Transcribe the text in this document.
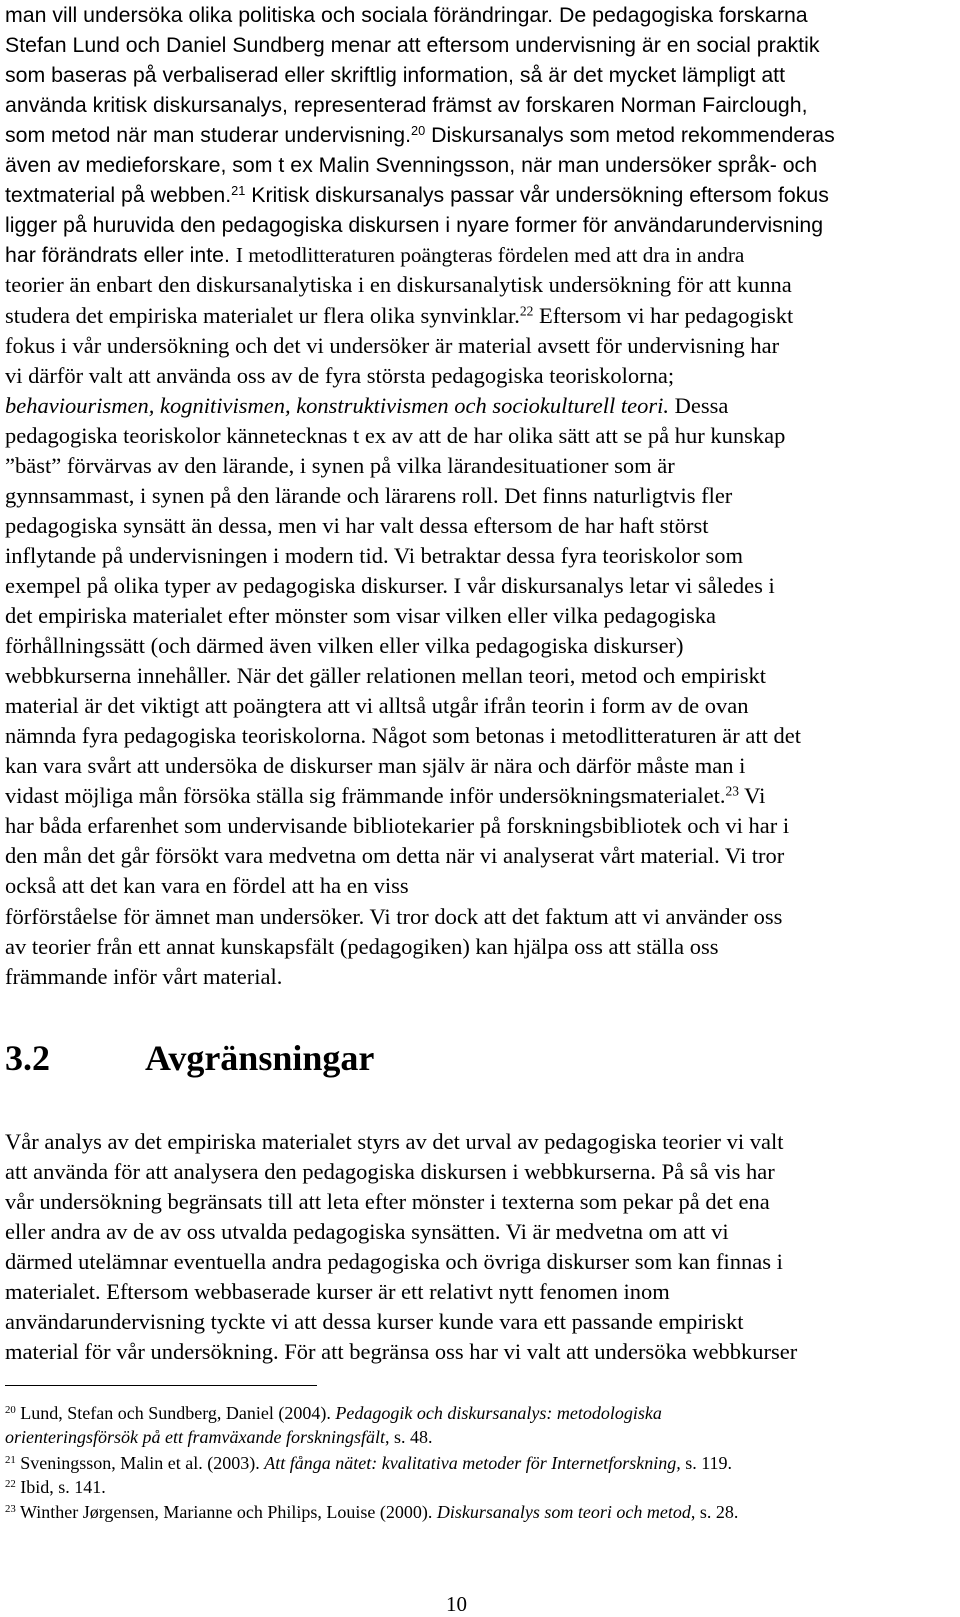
man vill undersöka olika politiska och sociala förändringar. De pedagogiska forskarna
Stefan Lund och Daniel Sundberg menar att eftersom undervisning är en social praktik
som baseras på verbaliserad eller skriftlig information, så är det mycket lämpligt att
använda kritisk diskursanalys, representerad främst av forskaren Norman Fairclough,
som metod när man studerar undervisning.$^{20}$ Diskursanalys som metod rekommenderas
även av medieforskare, som t ex Malin Svenningsson, när man undersöker språk- och
textmaterial på webben.$^{21}$ Kritisk diskursanalys passar vår undersökning eftersom fokus
ligger på huruvida den pedagogiska diskursen i nyare former för användarundervisning
har förändrats eller inte. I metodlitteraturen poängteras fördelen med att dra in andra
teorier än enbart den diskursanalytiska i en diskursanalytisk undersökning för att kunna
studera det empiriska materialet ur flera olika synvinklar.$^{22}$ Eftersom vi har pedagogiskt
fokus i vår undersökning och det vi undersöker är material avsett för undervisning har
vi därför valt att använda oss av de fyra största pedagogiska teoriskolorna;
behaviourismen, kognitivismen, konstruktivismen och sociokulturell teori. Dessa
pedagogiska teoriskolor kännetecknas t ex av att de har olika sätt att se på hur kunskap
”bäst” förvärvas av den lärande, i synen på vilka lärandesituationer som är
gynnsammast, i synen på den lärande och lärarens roll. Det finns naturligtvis fler
pedagogiska synsätt än dessa, men vi har valt dessa eftersom de har haft störst
inflytande på undervisningen i modern tid. Vi betraktar dessa fyra teoriskolor som
exempel på olika typer av pedagogiska diskurser. I vår diskursanalys letar vi således i
det empiriska materialet efter mönster som visar vilken eller vilka pedagogiska
förhållningssätt (och därmed även vilken eller vilka pedagogiska diskurser)
webbkurserna innehåller. När det gäller relationen mellan teori, metod och empiriskt
material är det viktigt att poängtera att vi alltså utgår ifrån teorin i form av de ovan
nämnda fyra pedagogiska teoriskolorna. Något som betonas i metodlitteraturen är att det
kan vara svårt att undersöka de diskurser man själv är nära och därför måste man i
vidast möjliga mån försöka ställa sig främmande inför undersökningsmaterialet.$^{23}$ Vi
har båda erfarenhet som undervisande bibliotekarier på forskningsbibliotek och vi har i
den mån det går försökt vara medvetna om detta när vi analyserat vårt material. Vi tror
också att det kan vara en fördel att ha en viss
förförståelse för ämnet man undersöker. Vi tror dock att det faktum att vi använder oss
av teorier från ett annat kunskapsfält (pedagogiken) kan hjälpa oss att ställa oss
främmande inför vårt material.
3.2	Avgränsningar
Vår analys av det empiriska materialet styrs av det urval av pedagogiska teorier vi valt
att använda för att analysera den pedagogiska diskursen i webbkurserna. På så vis har
vår undersökning begränsats till att leta efter mönster i texterna som pekar på det ena
eller andra av de av oss utvalda pedagogiska synsätten. Vi är medvetna om att vi
därmed utelämnar eventuella andra pedagogiska och övriga diskurser som kan finnas i
materialet. Eftersom webbaserade kurser är ett relativt nytt fenomen inom
användarundervisning tyckte vi att dessa kurser kunde vara ett passande empiriskt
material för vår undersökning. För att begränsa oss har vi valt att undersöka webbkurser
$^{20}$ Lund, Stefan och Sundberg, Daniel (2004). Pedagogik och diskursanalys: metodologiska
orienteringsförsök på ett framväxande forskningsfält, s. 48.
$^{21}$ Sveningsson, Malin et al. (2003). Att fånga nätet: kvalitativa metoder för Internetforskning, s. 119.
$^{22}$ Ibid, s. 141.
$^{23}$ Winther Jørgensen, Marianne och Philips, Louise (2000). Diskursanalys som teori och metod, s. 28.
10
